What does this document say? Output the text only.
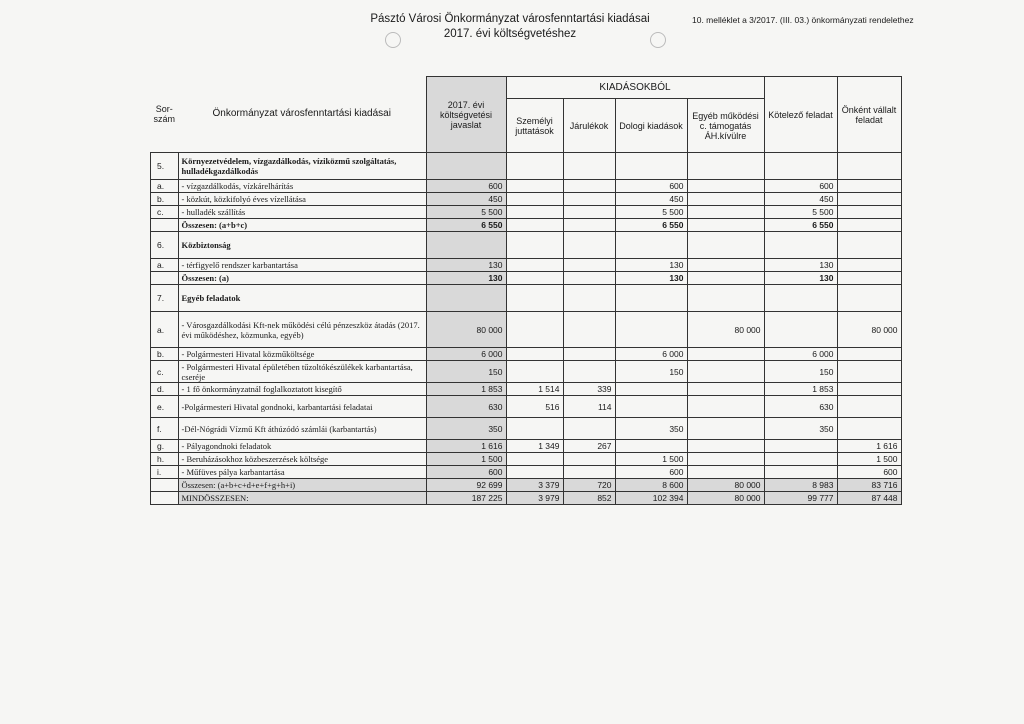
Pásztó Városi Önkormányzat városfenntartási kiadásai
2017. évi költségvetéshez
10. melléklet a 3/2017. (III. 03.) önkormányzati rendelethez
Sor-szám	Önkormányzat városfenntartási kiadásai	2017. évi költségvetési javaslat	KIADÁSOKBÓL				Kötelező feladat	Önként vállalt feladat
			Személyi juttatások	Járulékok	Dologi kiadások	Egyéb működési c. támogatás ÁH.kívülre		
5.	Környezetvédelem, vízgazdálkodás, víziközmű szolgáltatás, hulladékgazdálkodás							
a.	- vízgazdálkodás, vízkárelhárítás	600			600		600	
b.	- közkút, közkifolyó éves vízellátása	450			450		450	
c.	- hulladék szállítás	5 500			5 500		5 500	
	Összesen: (a+b+c)	6 550			6 550		6 550	
6.	Közbiztonság							
a.	- térfigyelő rendszer karbantartása	130			130		130	
	Összesen: (a)	130			130		130	
7.	Egyéb feladatok							
a.	- Városgazdálkodási Kft-nek működési célú pénzeszköz átadás (2017. évi működéshez, közmunka, egyéb)	80 000				80 000		80 000
b.	- Polgármesteri Hivatal közműköltsége	6 000			6 000		6 000	
c.	- Polgármesteri Hivatal épületében tűzoltókészülékek karbantartása, cseréje	150			150		150	
d.	- 1 fő önkormányzatnál foglalkoztatott kisegítő	1 853	1 514	339			1 853	
e.	-Polgármesteri Hivatal gondnoki, karbantartási feladatai	630	516	114			630	
f.	-Dél-Nógrádi Vízmű Kft áthúzódó számlái (karbantartás)	350			350		350	
g.	- Pályagondnoki feladatok	1 616	1 349	267				1 616
h.	- Beruházásokhoz közbeszerzések költsége	1 500			1 500			1 500
i.	- Műfüves pálya karbantartása	600			600			600
	Összesen: (a+b+c+d+e+f+g+h+i)	92 699	3 379	720	8 600	80 000	8 983	83 716
	MINDÖSSZESEN:	187 225	3 979	852	102 394	80 000	99 777	87 448
